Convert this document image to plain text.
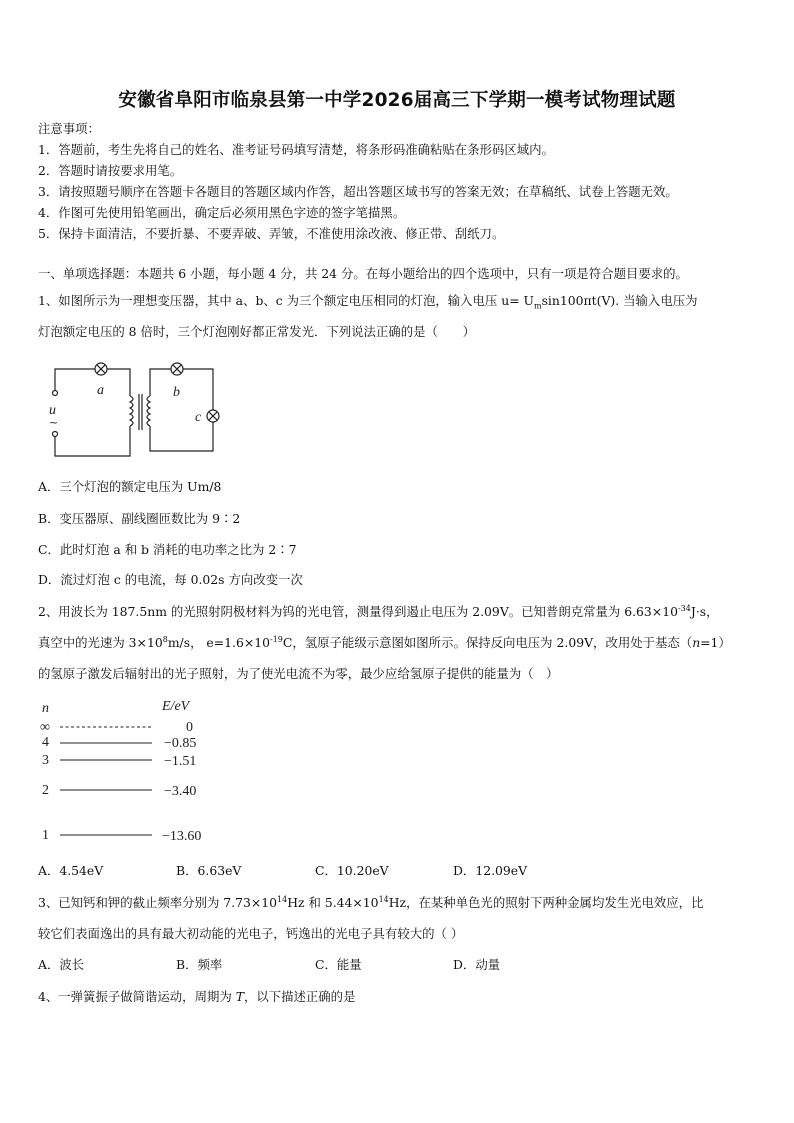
安徽省阜阳市临泉县第一中学2026届高三下学期一模考试物理试题
注意事项：
1．答题前，考生先将自己的姓名、准考证号码填写清楚，将条形码准确粘贴在条形码区域内。
2．答题时请按要求用笔。
3．请按照题号顺序在答题卡各题目的答题区域内作答，超出答题区域书写的答案无效；在草稿纸、试卷上答题无效。
4．作图可先使用铅笔画出，确定后必须用黑色字迹的签字笔描黑。
5．保持卡面清洁，不要折暴、不要弄破、弄皱，不准使用涂改液、修正带、刮纸刀。
一、单项选择题：本题共 6 小题，每小题 4 分，共 24 分。在每小题给出的四个选项中，只有一项是符合题目要求的。
1、如图所示为一理想变压器，其中 a、b、c 为三个额定电压相同的灯泡，输入电压 $u= U_m\sin 100\pi t(V)$. 当输入电压为
灯泡额定电压的 8 倍时，三个灯泡刚好都正常发光．下列说法正确的是（　　）
a	b
c
u
~
A．三个灯泡的额定电压为 Um/8
B．变压器原、副线圈匝数比为 9∶2
C．此时灯泡 a 和 b 消耗的电功率之比为 2∶7
D．流过灯泡 c 的电流，每 0.02s 方向改变一次
2、用波长为 187.5nm 的光照射阴极材料为钨的光电管，测量得到遏止电压为 2.09V。已知普朗克常量为 $6.63\times 10^{-34}J\cdot s$，
真空中的光速为 $3\times 10^8m/s$， $e=1.6\times 10^{-19}C$，氢原子能级示意图如图所示。保持反向电压为 2.09V，改用处于基态（n=1）
的氢原子激发后辐射出的光子照射，为了使光电流不为零，最少应给氢原子提供的能量为（　）
n	E/eV
∞
4
3
2
1
0
−0.85
−1.51
−3.40
−13.60
A．4.54eV	B．6.63eV	C．10.20eV	D．12.09eV
3、已知钙和钾的截止频率分别为 $7.73\times 10^{14}Hz$ 和 $5.44\times 10^{14}Hz$，在某种单色光的照射下两种金属均发生光电效应，比
较它们表面逸出的具有最大初动能的光电子，钙逸出的光电子具有较大的（ ）
A．波长	B．频率	C．能量	D．动量
4、一弹簧振子做简谐运动，周期为 T，以下描述正确的是
